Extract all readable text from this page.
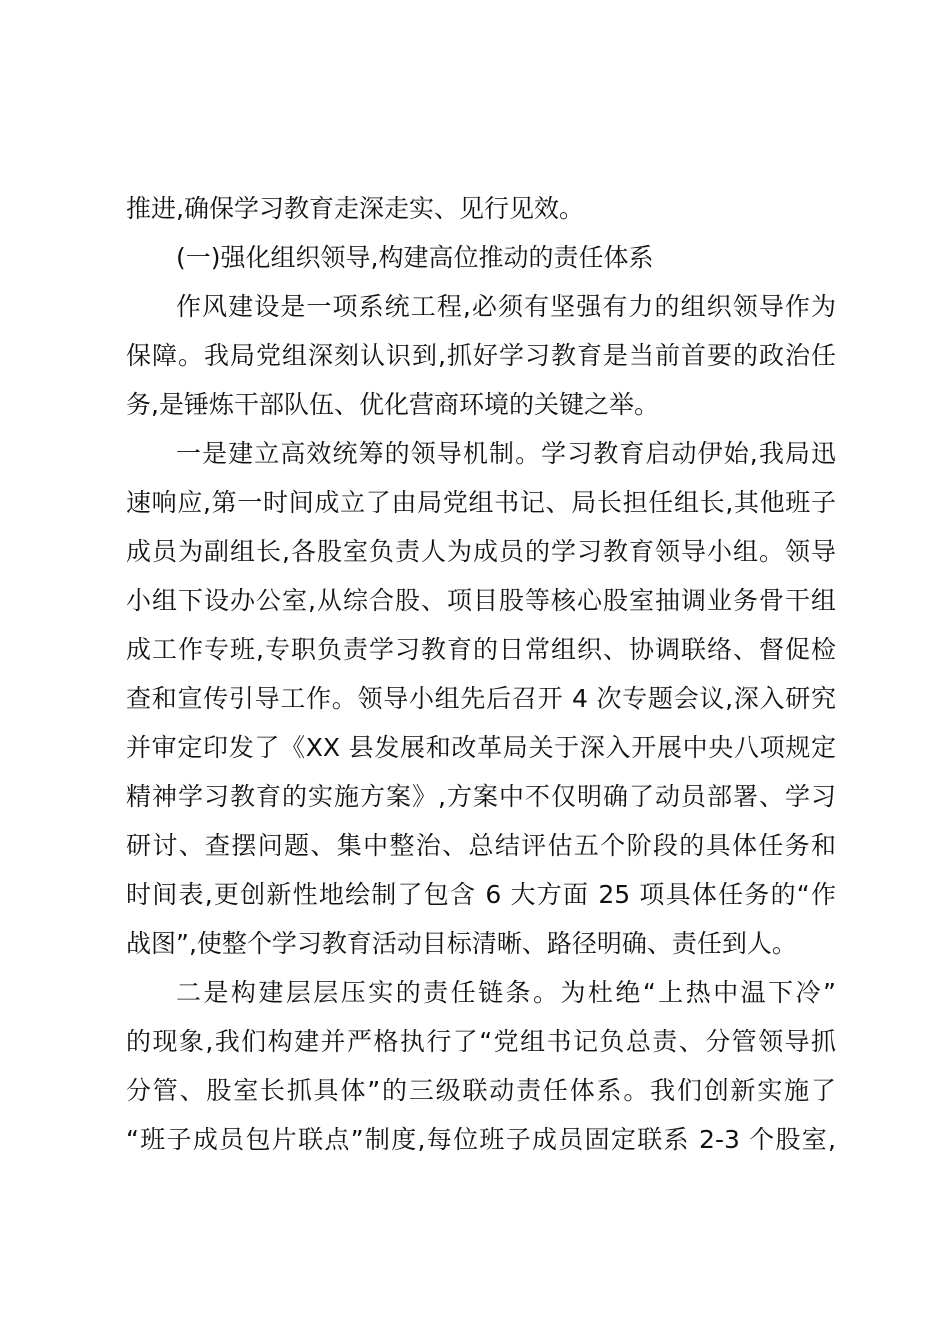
推进,确保学习教育走深走实、见行见效。
(一)强化组织领导,构建高位推动的责任体系
作风建设是一项系统工程,必须有坚强有力的组织领导作为
保障。我局党组深刻认识到,抓好学习教育是当前首要的政治任
务,是锤炼干部队伍、优化营商环境的关键之举。
一是建立高效统筹的领导机制。学习教育启动伊始,我局迅
速响应,第一时间成立了由局党组书记、局长担任组长,其他班子
成员为副组长,各股室负责人为成员的学习教育领导小组。领导
小组下设办公室,从综合股、项目股等核心股室抽调业务骨干组
成工作专班,专职负责学习教育的日常组织、协调联络、督促检
查和宣传引导工作。领导小组先后召开 4 次专题会议,深入研究
并审定印发了《XX 县发展和改革局关于深入开展中央八项规定
精神学习教育的实施方案》,方案中不仅明确了动员部署、学习
研讨、查摆问题、集中整治、总结评估五个阶段的具体任务和
时间表,更创新性地绘制了包含 6 大方面 25 项具体任务的“作
战图”,使整个学习教育活动目标清晰、路径明确、责任到人。
二是构建层层压实的责任链条。为杜绝“上热中温下冷”
的现象,我们构建并严格执行了“党组书记负总责、分管领导抓
分管、股室长抓具体”的三级联动责任体系。我们创新实施了
“班子成员包片联点”制度,每位班子成员固定联系 2-3 个股室,
